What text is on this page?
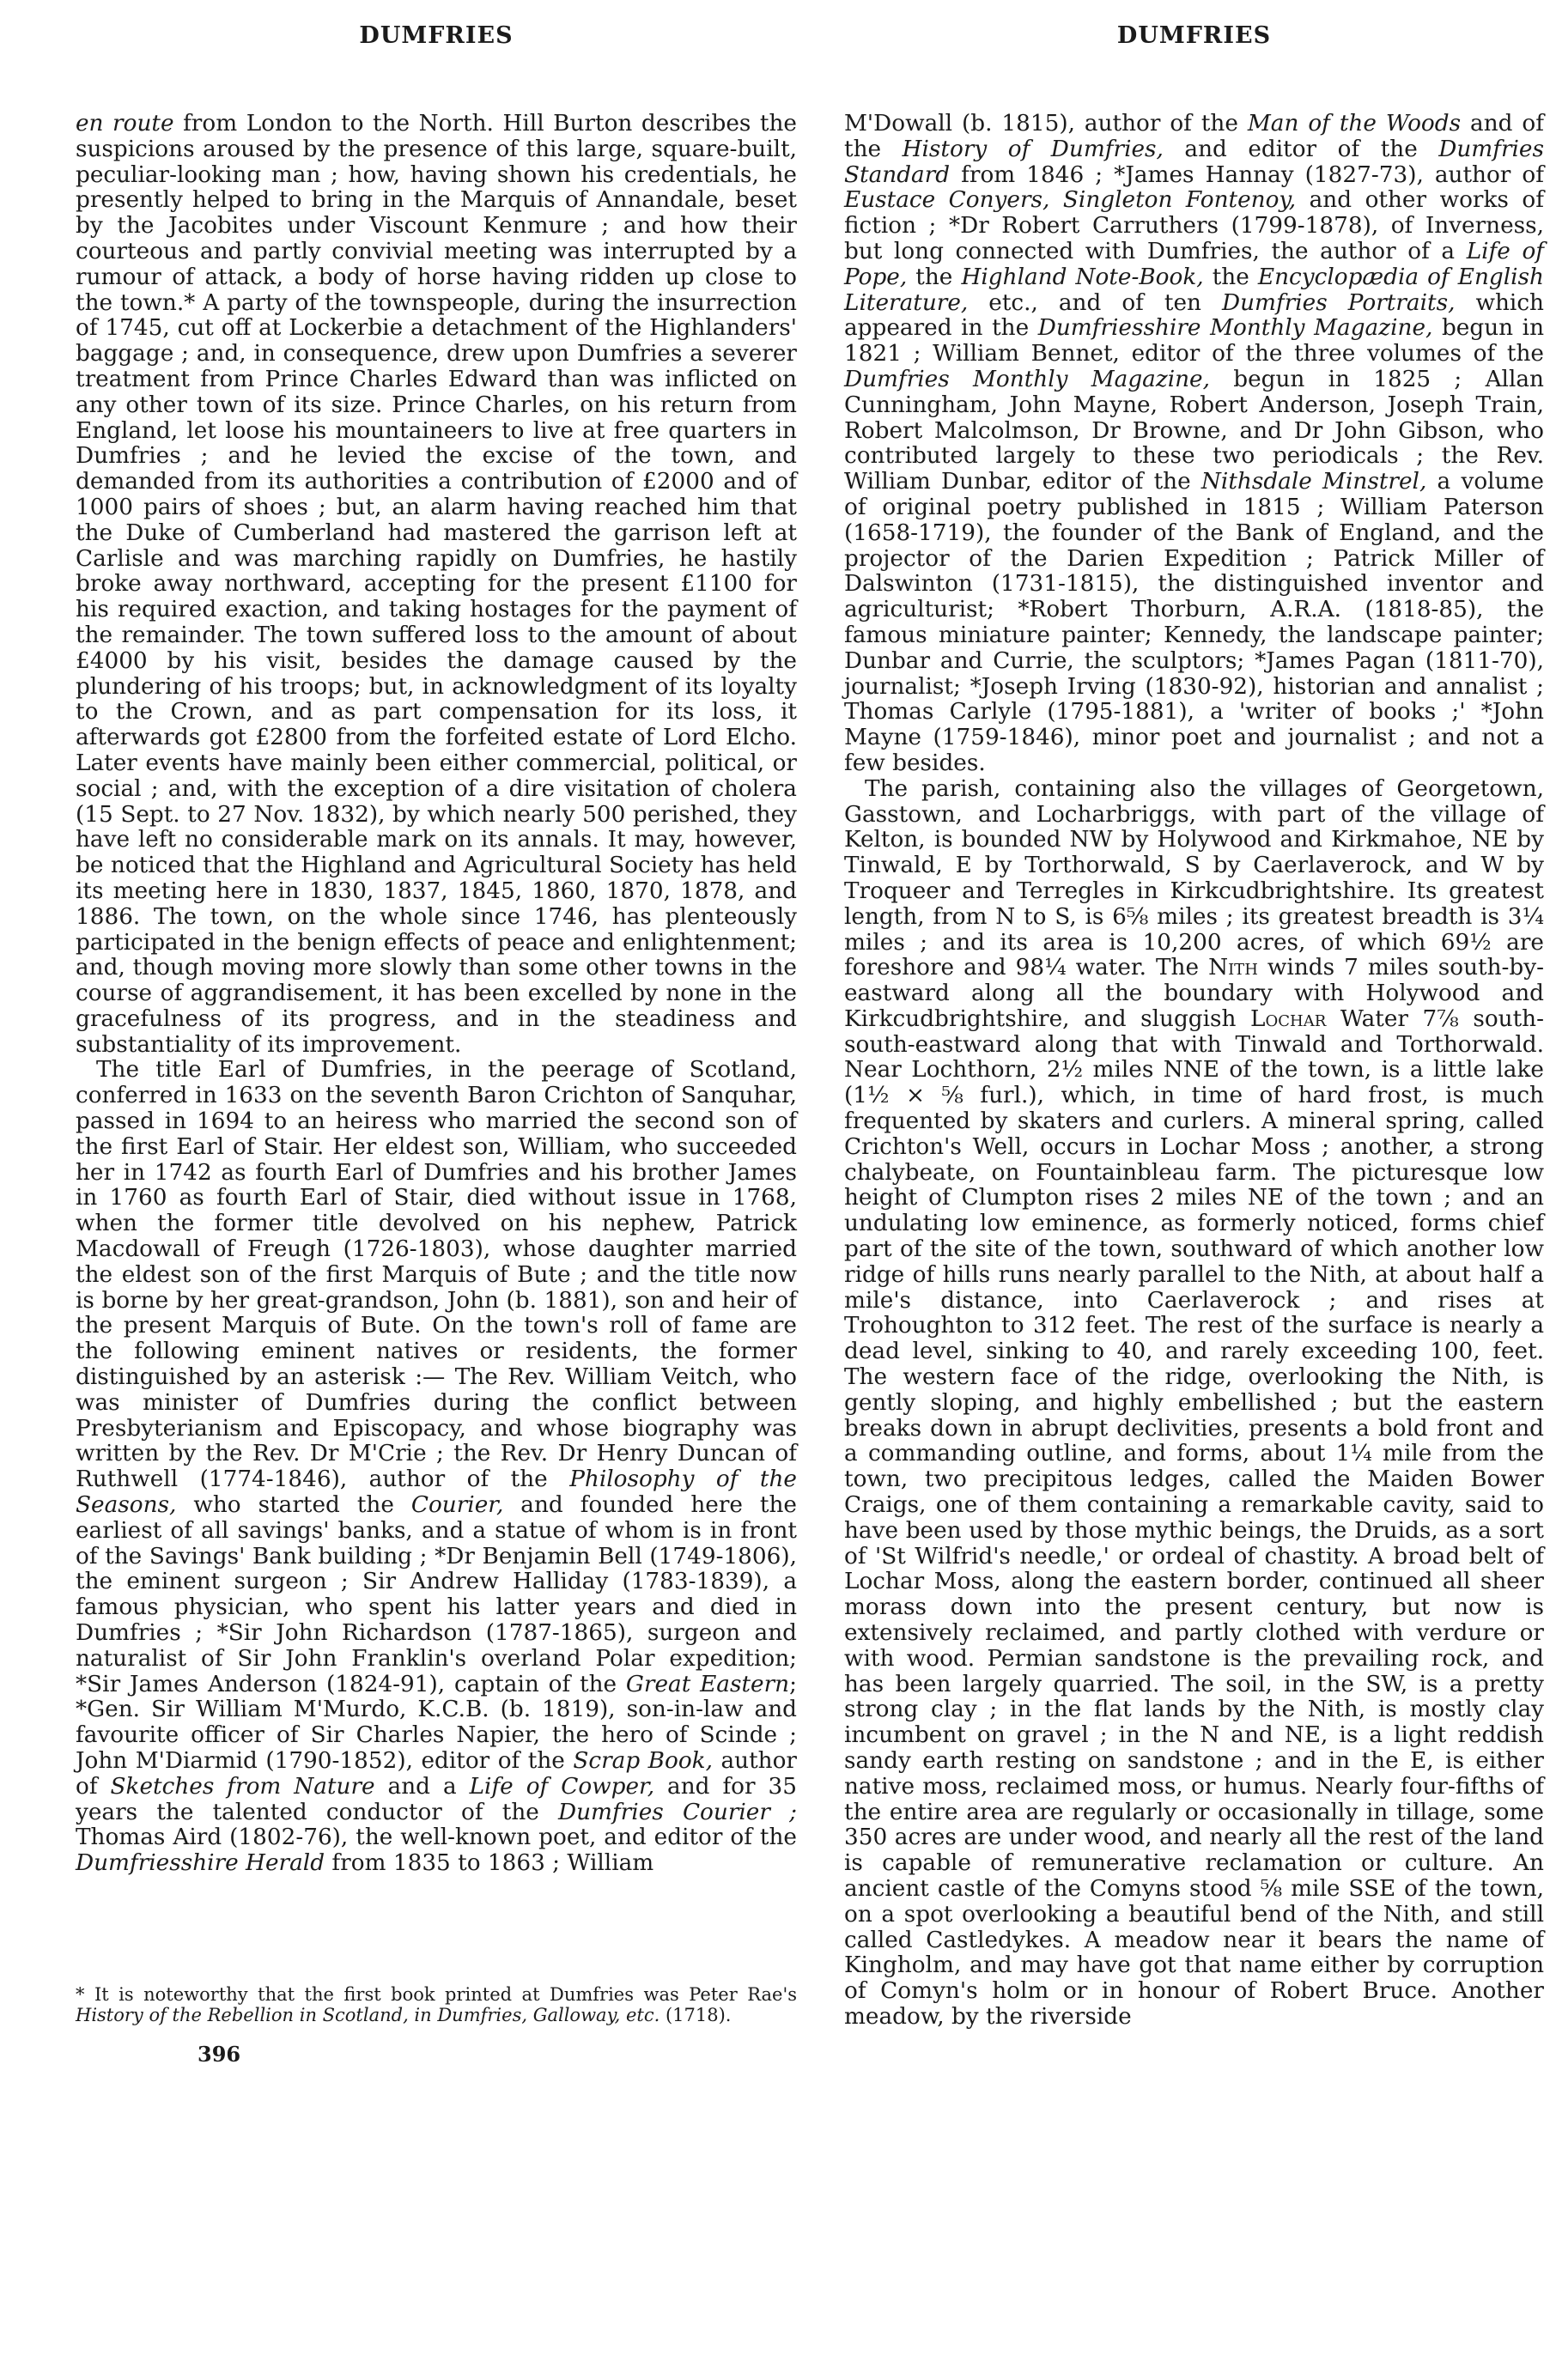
DUMFRIES	DUMFRIES

en route from London to the North. Hill Burton describes the suspicions aroused by the presence of this large, square-built, peculiar-looking man ; how, having shown his credentials, he presently helped to bring in the Marquis of Annandale, beset by the Jacobites under Viscount Kenmure ; and how their courteous and partly convivial meeting was interrupted by a rumour of attack, a body of horse having ridden up close to the town.* A party of the townspeople, during the insurrection of 1745, cut off at Lockerbie a detachment of the Highlanders' baggage ; and, in consequence, drew upon Dumfries a severer treatment from Prince Charles Edward than was inflicted on any other town of its size. Prince Charles, on his return from England, let loose his mountaineers to live at free quarters in Dumfries ; and he levied the excise of the town, and demanded from its authorities a contribution of £2000 and of 1000 pairs of shoes ; but, an alarm having reached him that the Duke of Cumberland had mastered the garrison left at Carlisle and was marching rapidly on Dumfries, he hastily broke away northward, accepting for the present £1100 for his required exaction, and taking hostages for the payment of the remainder. The town suffered loss to the amount of about £4000 by his visit, besides the damage caused by the plundering of his troops; but, in acknowledgment of its loyalty to the Crown, and as part compensation for its loss, it afterwards got £2800 from the forfeited estate of Lord Elcho. Later events have mainly been either commercial, political, or social ; and, with the exception of a dire visitation of cholera (15 Sept. to 27 Nov. 1832), by which nearly 500 perished, they have left no considerable mark on its annals. It may, however, be noticed that the Highland and Agricultural Society has held its meeting here in 1830, 1837, 1845, 1860, 1870, 1878, and 1886. The town, on the whole since 1746, has plenteously participated in the benign effects of peace and enlightenment; and, though moving more slowly than some other towns in the course of aggrandisement, it has been excelled by none in the gracefulness of its progress, and in the steadiness and substantiality of its improvement.

The title Earl of Dumfries, in the peerage of Scotland, conferred in 1633 on the seventh Baron Crichton of Sanquhar, passed in 1694 to an heiress who married the second son of the first Earl of Stair. Her eldest son, William, who succeeded her in 1742 as fourth Earl of Dumfries and his brother James in 1760 as fourth Earl of Stair, died without issue in 1768, when the former title devolved on his nephew, Patrick Macdowall of Freugh (1726-1803), whose daughter married the eldest son of the first Marquis of Bute ; and the title now is borne by her great-grandson, John (b. 1881), son and heir of the present Marquis of Bute. On the town's roll of fame are the following eminent natives or residents, the former distinguished by an asterisk :— The Rev. William Veitch, who was minister of Dumfries during the conflict between Presbyterianism and Episcopacy, and whose biography was written by the Rev. Dr M'Crie ; the Rev. Dr Henry Duncan of Ruthwell (1774-1846), author of the Philosophy of the Seasons, who started the Courier, and founded here the earliest of all savings' banks, and a statue of whom is in front of the Savings' Bank building ; *Dr Benjamin Bell (1749-1806), the eminent surgeon ; Sir Andrew Halliday (1783-1839), a famous physician, who spent his latter years and died in Dumfries ; *Sir John Richardson (1787-1865), surgeon and naturalist of Sir John Franklin's overland Polar expedition; *Sir James Anderson (1824-91), captain of the Great Eastern; *Gen. Sir William M'Murdo, K.C.B. (b. 1819), son-in-law and favourite officer of Sir Charles Napier, the hero of Scinde ; John M'Diarmid (1790-1852), editor of the Scrap Book, author of Sketches from Nature and a Life of Cowper, and for 35 years the talented conductor of the Dumfries Courier ; Thomas Aird (1802-76), the well-known poet, and editor of the Dumfriesshire Herald from 1835 to 1863 ; William

* It is noteworthy that the first book printed at Dumfries was Peter Rae's History of the Rebellion in Scotland, in Dumfries, Galloway, etc. (1718).

396

M'Dowall (b. 1815), author of the Man of the Woods and of the History of Dumfries, and editor of the Dumfries Standard from 1846 ; *James Hannay (1827-73), author of Eustace Conyers, Singleton Fontenoy, and other works of fiction ; *Dr Robert Carruthers (1799-1878), of Inverness, but long connected with Dumfries, the author of a Life of Pope, the Highland Note-Book, the Encyclopædia of English Literature, etc., and of ten Dumfries Portraits, which appeared in the Dumfriesshire Monthly Magazine, begun in 1821 ; William Bennet, editor of the three volumes of the Dumfries Monthly Magazine, begun in 1825 ; Allan Cunningham, John Mayne, Robert Anderson, Joseph Train, Robert Malcolmson, Dr Browne, and Dr John Gibson, who contributed largely to these two periodicals ; the Rev. William Dunbar, editor of the Nithsdale Minstrel, a volume of original poetry published in 1815 ; William Paterson (1658-1719), the founder of the Bank of England, and the projector of the Darien Expedition ; Patrick Miller of Dalswinton (1731-1815), the distinguished inventor and agriculturist; *Robert Thorburn, A.R.A. (1818-85), the famous miniature painter; Kennedy, the landscape painter; Dunbar and Currie, the sculptors; *James Pagan (1811-70), journalist; *Joseph Irving (1830-92), historian and annalist ; Thomas Carlyle (1795-1881), a 'writer of books ;' *John Mayne (1759-1846), minor poet and journalist ; and not a few besides.

The parish, containing also the villages of Georgetown, Gasstown, and Locharbriggs, with part of the village of Kelton, is bounded NW by Holywood and Kirkmahoe, NE by Tinwald, E by Torthorwald, S by Caerlaverock, and W by Troqueer and Terregles in Kirkcudbrightshire. Its greatest length, from N to S, is 6⅝ miles ; its greatest breadth is 3¼ miles ; and its area is 10,200 acres, of which 69½ are foreshore and 98¼ water. The Nith winds 7 miles south-by-eastward along all the boundary with Holywood and Kirkcudbrightshire, and sluggish Lochar Water 7⅞ south-south-eastward along that with Tinwald and Torthorwald. Near Lochthorn, 2½ miles NNE of the town, is a little lake (1½ × ⅝ furl.), which, in time of hard frost, is much frequented by skaters and curlers. A mineral spring, called Crichton's Well, occurs in Lochar Moss ; another, a strong chalybeate, on Fountainbleau farm. The picturesque low height of Clumpton rises 2 miles NE of the town ; and an undulating low eminence, as formerly noticed, forms chief part of the site of the town, southward of which another low ridge of hills runs nearly parallel to the Nith, at about half a mile's distance, into Caerlaverock ; and rises at Trohoughton to 312 feet. The rest of the surface is nearly a dead level, sinking to 40, and rarely exceeding 100, feet. The western face of the ridge, overlooking the Nith, is gently sloping, and highly embellished ; but the eastern breaks down in abrupt declivities, presents a bold front and a commanding outline, and forms, about 1¼ mile from the town, two precipitous ledges, called the Maiden Bower Craigs, one of them containing a remarkable cavity, said to have been used by those mythic beings, the Druids, as a sort of 'St Wilfrid's needle,' or ordeal of chastity. A broad belt of Lochar Moss, along the eastern border, continued all sheer morass down into the present century, but now is extensively reclaimed, and partly clothed with verdure or with wood. Permian sandstone is the prevailing rock, and has been largely quarried. The soil, in the SW, is a pretty strong clay ; in the flat lands by the Nith, is mostly clay incumbent on gravel ; in the N and NE, is a light reddish sandy earth resting on sandstone ; and in the E, is either native moss, reclaimed moss, or humus. Nearly four-fifths of the entire area are regularly or occasionally in tillage, some 350 acres are under wood, and nearly all the rest of the land is capable of remunerative reclamation or culture. An ancient castle of the Comyns stood ⅝ mile SSE of the town, on a spot overlooking a beautiful bend of the Nith, and still called Castledykes. A meadow near it bears the name of Kingholm, and may have got that name either by corruption of Comyn's holm or in honour of Robert Bruce. Another meadow, by the riverside
